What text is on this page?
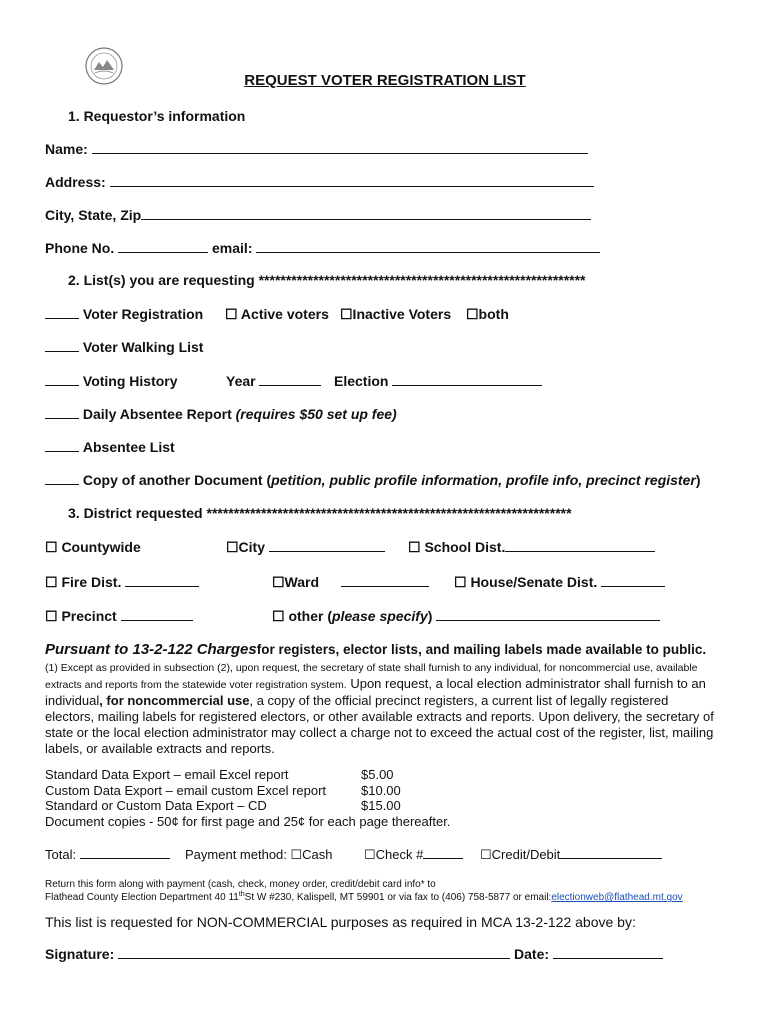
REQUEST VOTER REGISTRATION LIST
1. Requestor’s information
Name:
Address:
City, State, Zip
Phone No.	email:
2. List(s) you are requesting ************************************************************
Voter Registration ☐ Active voters ☐Inactive Voters ☐both
Voter Walking List
Voting History	Year	Election
Daily Absentee Report (requires $50 set up fee)
Absentee List
Copy of another Document (petition, public profile information, profile info, precinct register)
3. District requested *******************************************************************
☐ Countywide	☐City	☐ School Dist.
☐ Fire Dist.	☐Ward	☐ House/Senate Dist.
☐ Precinct	☐ other (please specify)
Pursuant to 13-2-122 Chargesfor registers, elector lists, and mailing labels made available to public.
(1) Except as provided in subsection (2), upon request, the secretary of state shall furnish to any individual, for noncommercial use, available extracts and reports from the statewide voter registration system. Upon request, a local election administrator shall furnish to an individual, for noncommercial use, a copy of the official precinct registers, a current list of legally registered electors, mailing labels for registered electors, or other available extracts and reports. Upon delivery, the secretary of state or the local election administrator may collect a charge not to exceed the actual cost of the register, list, mailing labels, or available extracts and reports.
Standard Data Export – email Excel report	$5.00
Custom Data Export – email custom Excel report	$10.00
Standard or Custom Data Export – CD	$15.00
Document copies - 50¢ for first page and 25¢ for each page thereafter.
Total:	Payment method: ☐Cash ☐Check #	☐Credit/Debit
Return this form along with payment (cash, check, money order, credit/debit card info* to
Flathead County Election Department 40 11thSt W #230, Kalispell, MT 59901 or via fax to (406) 758-5877 or email:electionweb@flathead.mt.gov
This list is requested for NON-COMMERCIAL purposes as required in MCA 13-2-122 above by:
Signature:	Date:
